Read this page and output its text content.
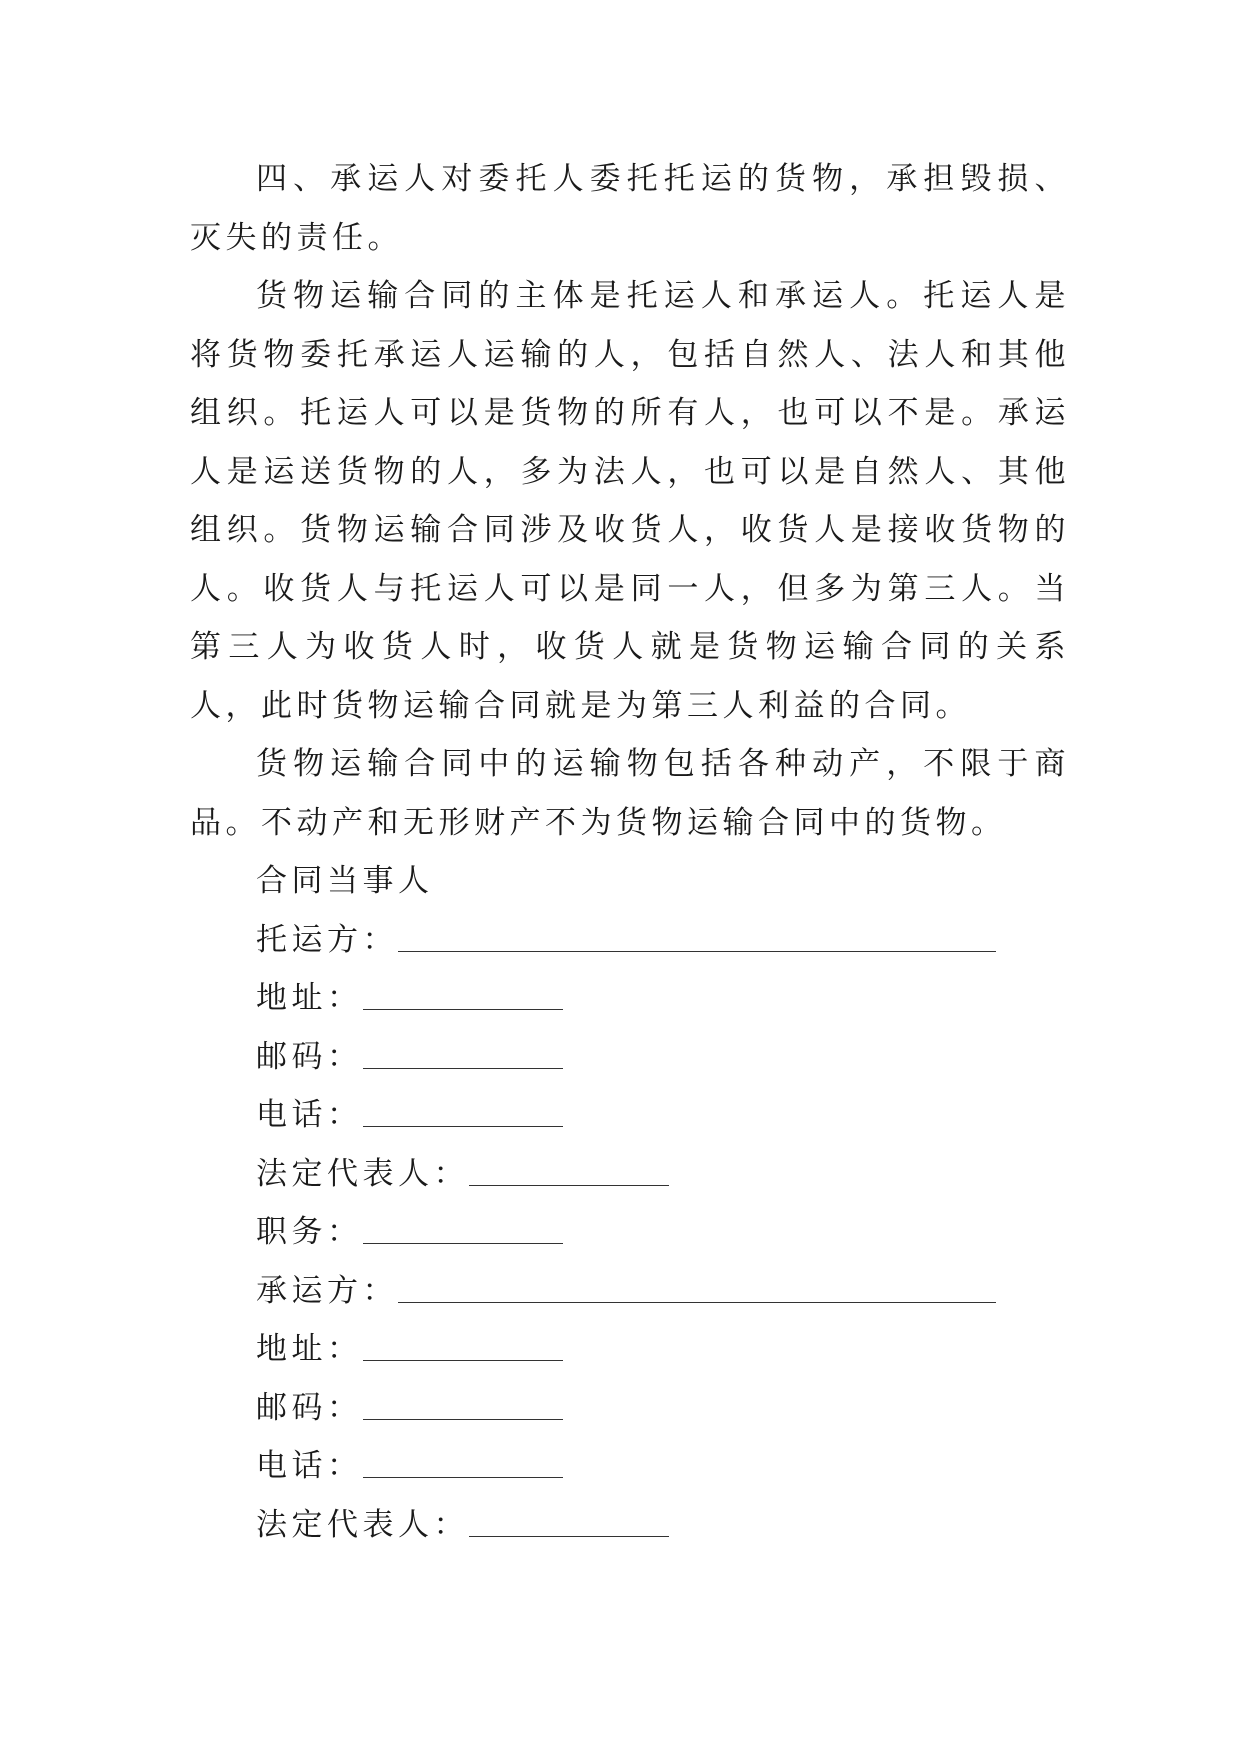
四、承运人对委托人委托托运的货物，承担毁损、灭失的责任。

货物运输合同的主体是托运人和承运人。托运人是将货物委托承运人运输的人，包括自然人、法人和其他组织。托运人可以是货物的所有人，也可以不是。承运人是运送货物的人，多为法人，也可以是自然人、其他组织。货物运输合同涉及收货人，收货人是接收货物的人。收货人与托运人可以是同一人，但多为第三人。当第三人为收货人时，收货人就是货物运输合同的关系人，此时货物运输合同就是为第三人利益的合同。

货物运输合同中的运输物包括各种动产，不限于商品。不动产和无形财产不为货物运输合同中的货物。

合同当事人
托运方：
地址：
邮码：
电话：
法定代表人：
职务：
承运方：
地址：
邮码：
电话：
法定代表人：
